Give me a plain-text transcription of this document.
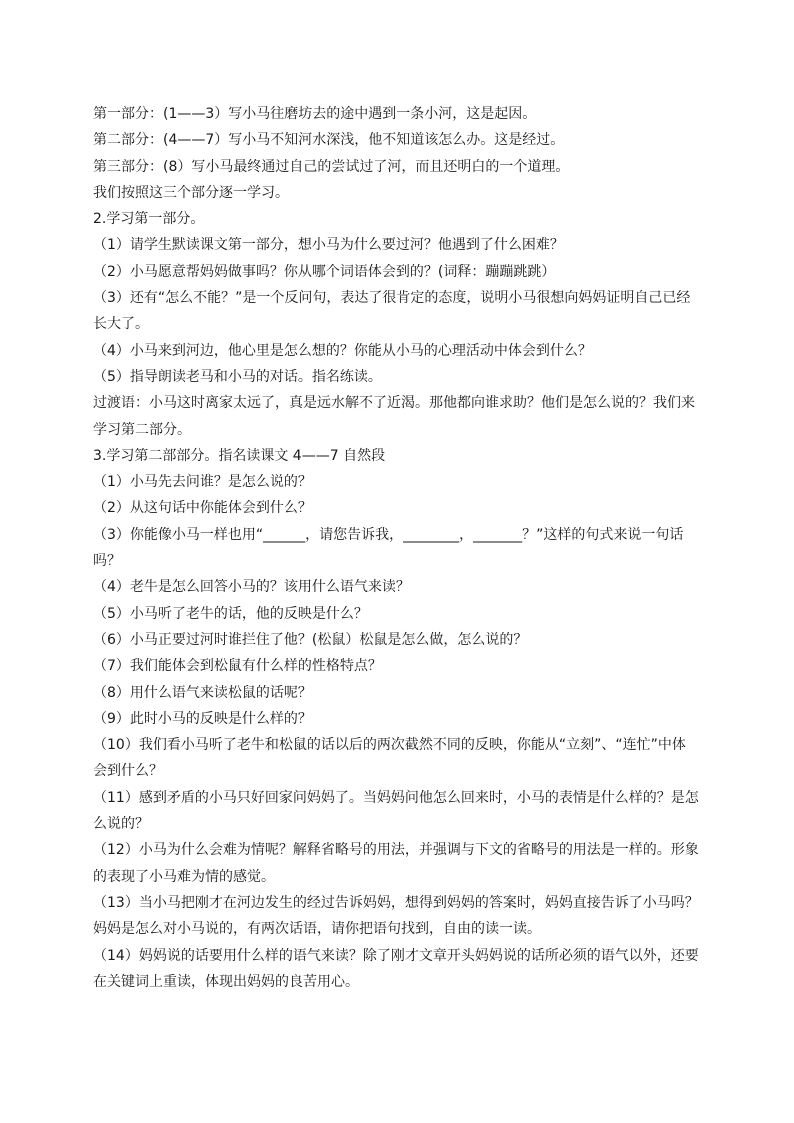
第一部分：(1——3）写小马往磨坊去的途中遇到一条小河，这是起因。
第二部分：(4——7）写小马不知河水深浅，他不知道该怎么办。这是经过。
第三部分：(8）写小马最终通过自己的尝试过了河，而且还明白的一个道理。
我们按照这三个部分逐一学习。
2.学习第一部分。
（1）请学生默读课文第一部分，想小马为什么要过河？他遇到了什么困难？
（2）小马愿意帮妈妈做事吗？你从哪个词语体会到的？(词释：蹦蹦跳跳）
（3）还有“怎么不能？”是一个反问句，表达了很肯定的态度，说明小马很想向妈妈证明自己已经
长大了。
（4）小马来到河边，他心里是怎么想的？你能从小马的心理活动中体会到什么？
（5）指导朗读老马和小马的对话。指名练读。
过渡语：小马这时离家太远了，真是远水解不了近渴。那他都向谁求助？他们是怎么说的？我们来
学习第二部分。
3.学习第二部部分。指名读课文 4——7 自然段
（1）小马先去问谁？是怎么说的？
（2）从这句话中你能体会到什么？
（3）你能像小马一样也用“______，请您告诉我，________，_______？”这样的句式来说一句话
吗？
（4）老牛是怎么回答小马的？该用什么语气来读？
（5）小马听了老牛的话，他的反映是什么？
（6）小马正要过河时谁拦住了他？(松鼠）松鼠是怎么做，怎么说的？
（7）我们能体会到松鼠有什么样的性格特点？
（8）用什么语气来读松鼠的话呢？
（9）此时小马的反映是什么样的？
（10）我们看小马听了老牛和松鼠的话以后的两次截然不同的反映，你能从“立刻”、“连忙”中体
会到什么？
（11）感到矛盾的小马只好回家问妈妈了。当妈妈问他怎么回来时，小马的表情是什么样的？是怎
么说的？
（12）小马为什么会难为情呢？解释省略号的用法，并强调与下文的省略号的用法是一样的。形象
的表现了小马难为情的感觉。
（13）当小马把刚才在河边发生的经过告诉妈妈，想得到妈妈的答案时，妈妈直接告诉了小马吗？
妈妈是怎么对小马说的，有两次话语，请你把语句找到，自由的读一读。
（14）妈妈说的话要用什么样的语气来读？除了刚才文章开头妈妈说的话所必须的语气以外，还要
在关键词上重读，体现出妈妈的良苦用心。
